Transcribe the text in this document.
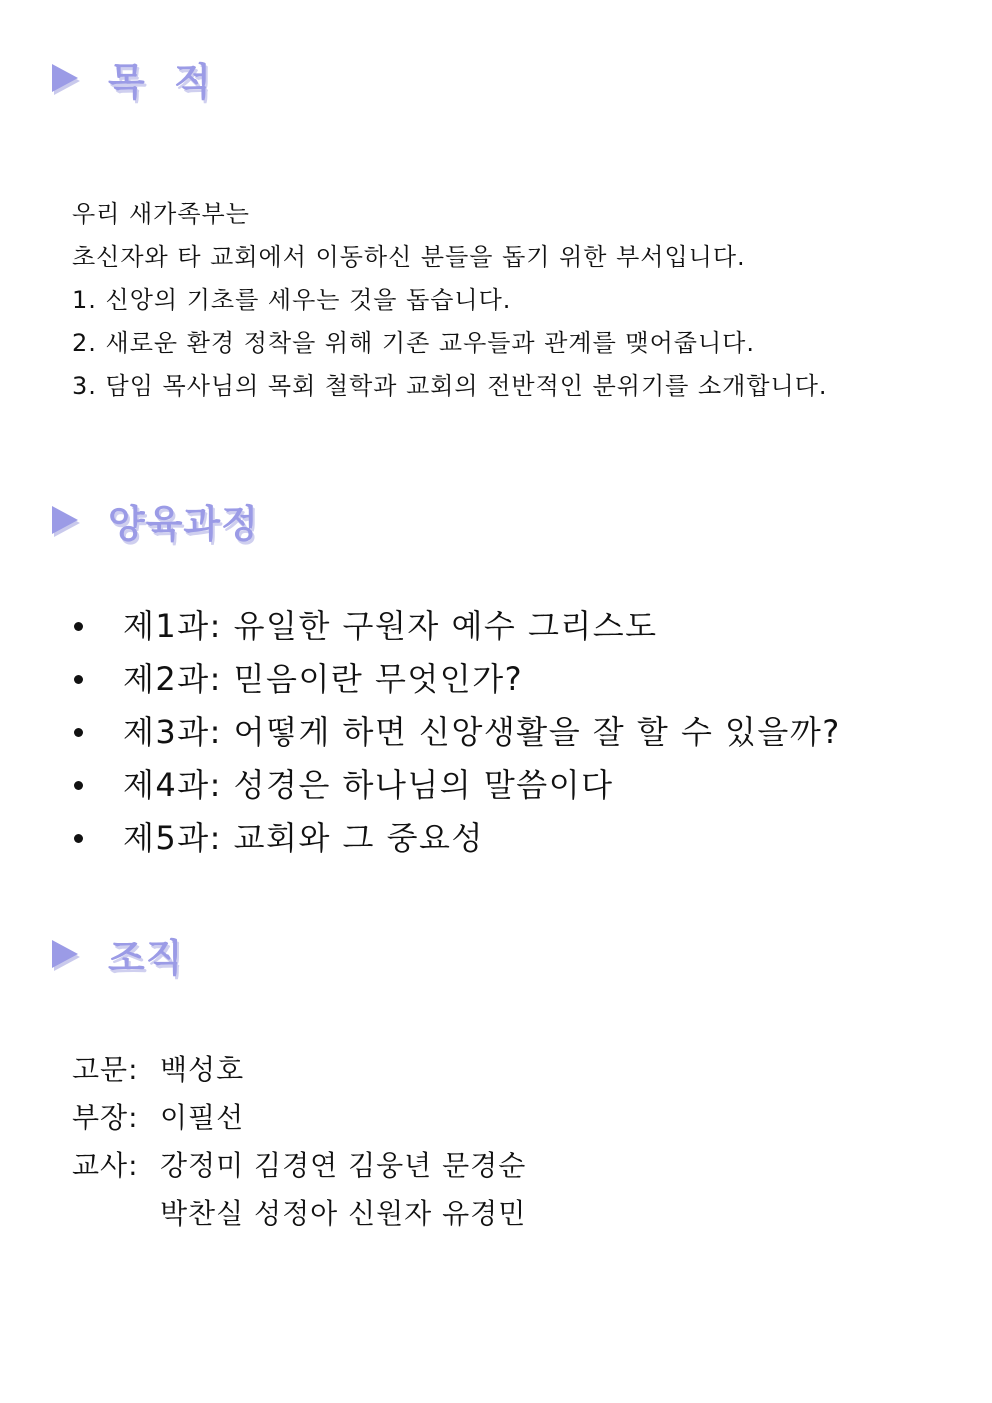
목  적
우리 새가족부는
초신자와 타 교회에서 이동하신 분들을 돕기 위한 부서입니다.
1. 신앙의 기초를 세우는 것을 돕습니다.
2. 새로운 환경 정착을 위해 기존 교우들과 관계를 맺어줍니다.
3. 담임 목사님의 목회 철학과 교회의 전반적인 분위기를 소개합니다.
양육과정
제1과: 유일한 구원자 예수 그리스도
제2과: 믿음이란 무엇인가?
제3과: 어떻게 하면 신앙생활을 잘 할 수 있을까?
제4과: 성경은 하나님의 말씀이다
제5과: 교회와 그 중요성
조직
고문: 백성호
부장: 이필선
교사: 강정미 김경연 김웅년 문경순
박찬실 성정아 신원자 유경민
